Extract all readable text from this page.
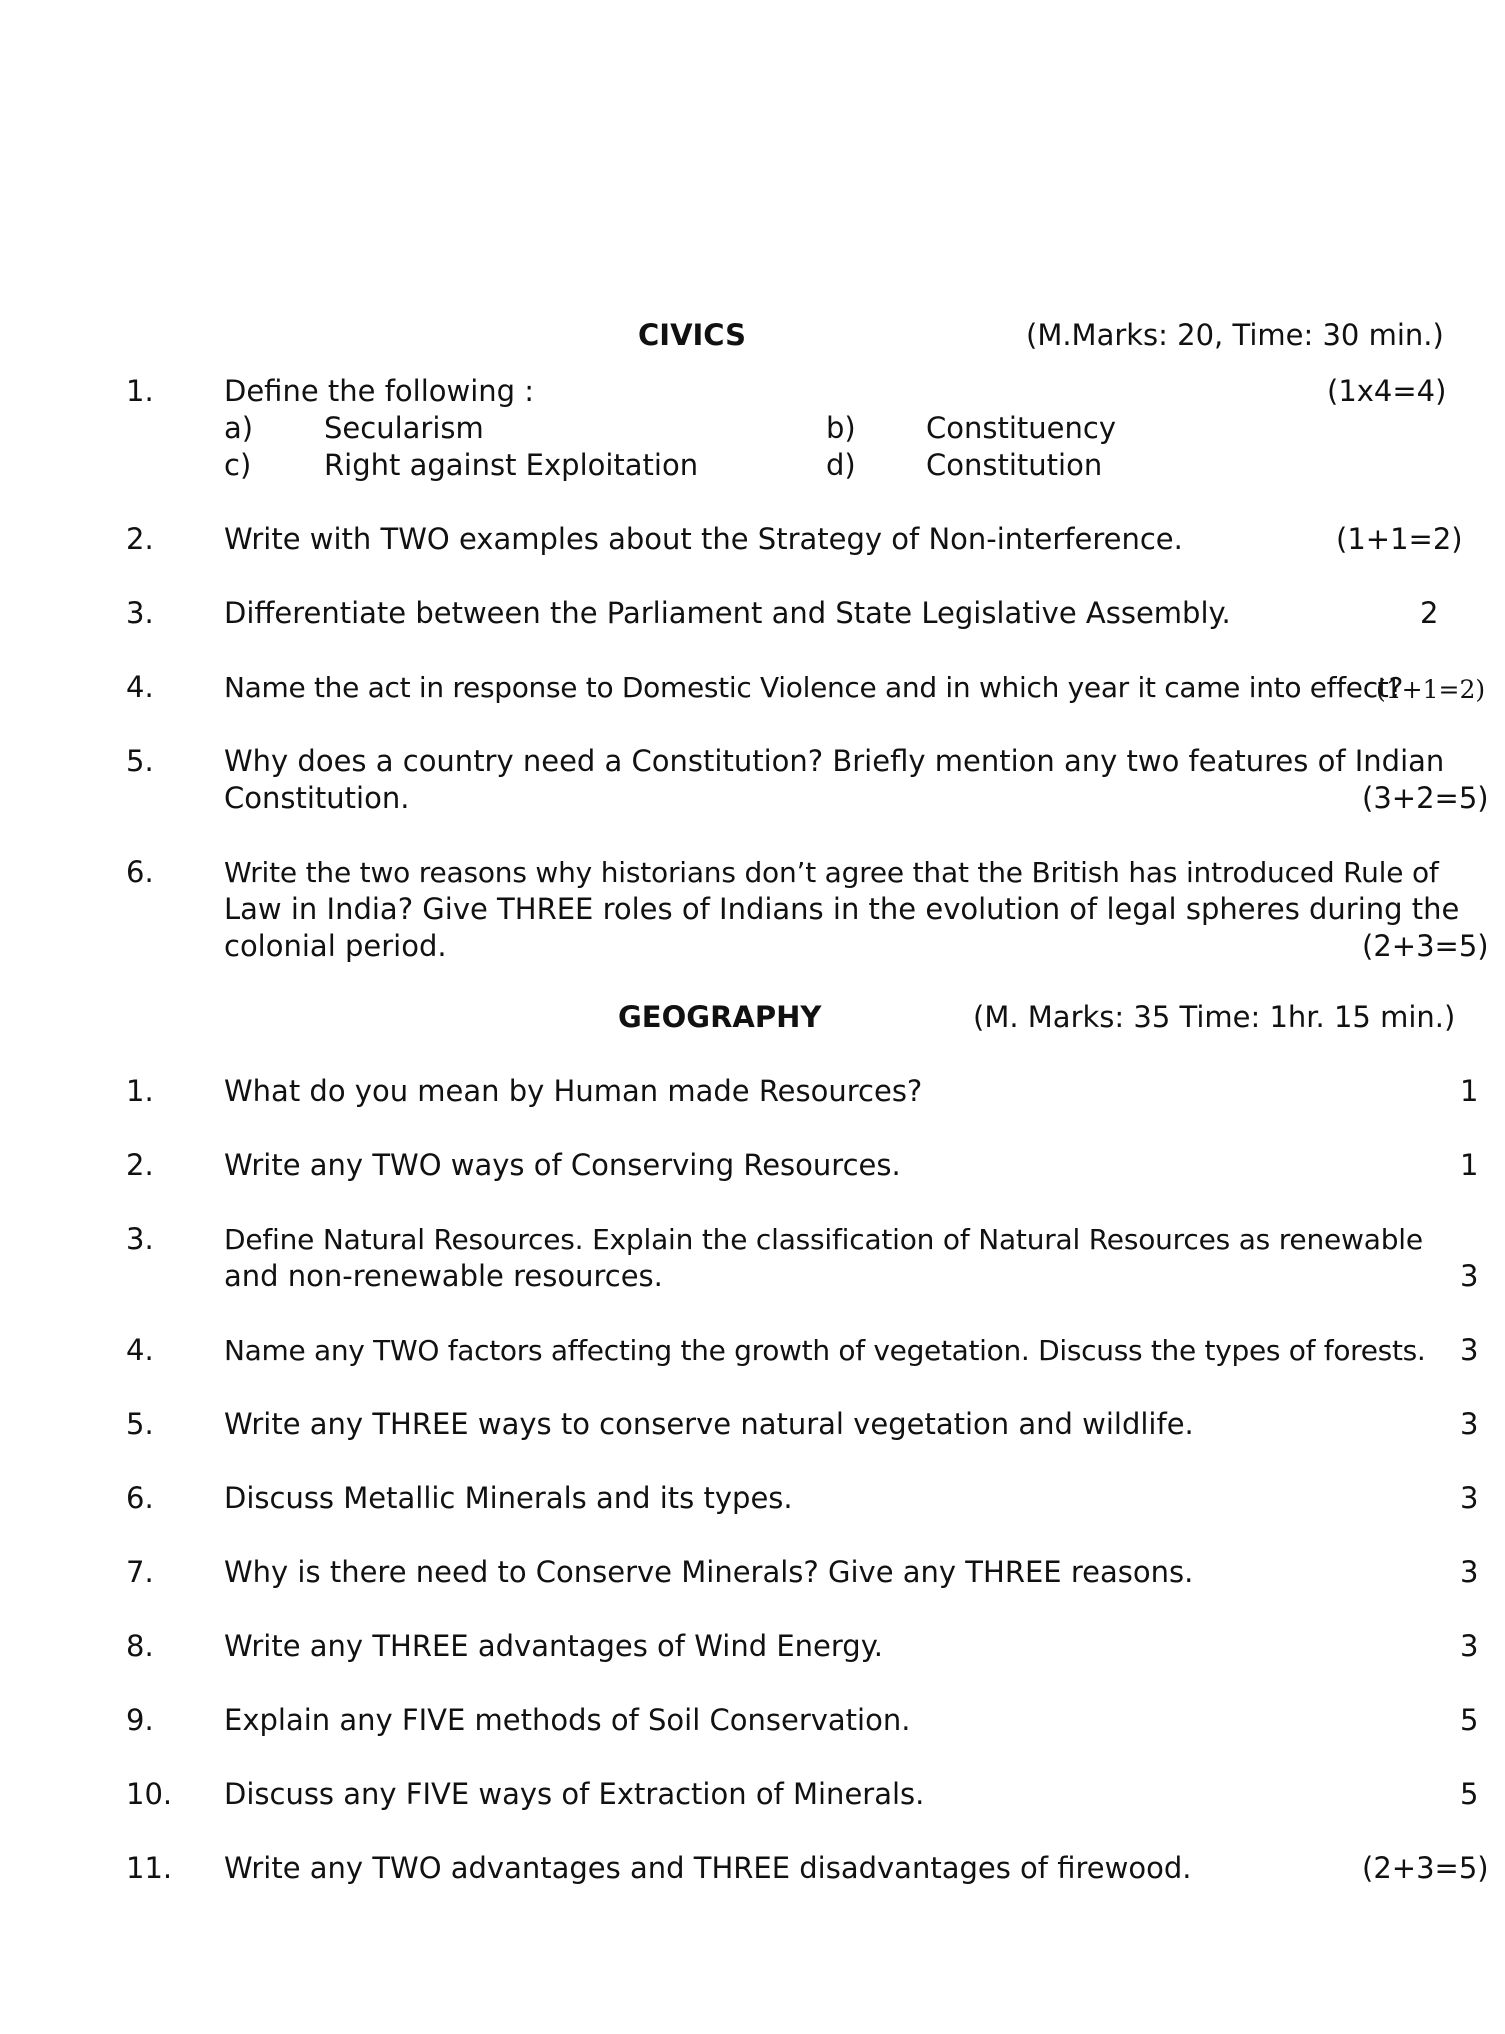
CIVICS	(M.Marks: 20, Time: 30 min.)
1. Define the following :	(1x4=4)
a) Secularism	b) Constituency
c)	Right against Exploitation	d) Constitution
2. Write with TWO examples about the Strategy of Non-interference.	(1+1=2)
3. Differentiate between the Parliament and State Legislative Assembly.	2
4.	Name the act in response to Domestic Violence and in which year it came into effect?
(1+1=2)
5. Why does a country need a Constitution? Briefly mention any two features of Indian
Constitution.	(3+2=5)
6.	Write the two reasons why historians don’t agree that the British has introduced Rule of
Law in India? Give THREE roles of Indians in the evolution of legal spheres during the
colonial period.	(2+3=5)
GEOGRAPHY	(M. Marks: 35 Time: 1hr. 15 min.)
1. What do you mean by Human made Resources?	1
2. Write any TWO ways of Conserving Resources.	1
3.	Define Natural Resources. Explain the classification of Natural Resources as renewable
and non-renewable resources.	3
4.	Name any TWO factors affecting the growth of vegetation. Discuss the types of forests. 3
5. Write any THREE ways to conserve natural vegetation and wildlife.	3
6. Discuss Metallic Minerals and its types.	3
7. Why is there need to Conserve Minerals? Give any THREE reasons.	3
8. Write any THREE advantages of Wind Energy.	3
9. Explain any FIVE methods of Soil Conservation.	5
10. Discuss any FIVE ways of Extraction of Minerals.	5
11. Write any TWO advantages and THREE disadvantages of firewood.	(2+3=5)
